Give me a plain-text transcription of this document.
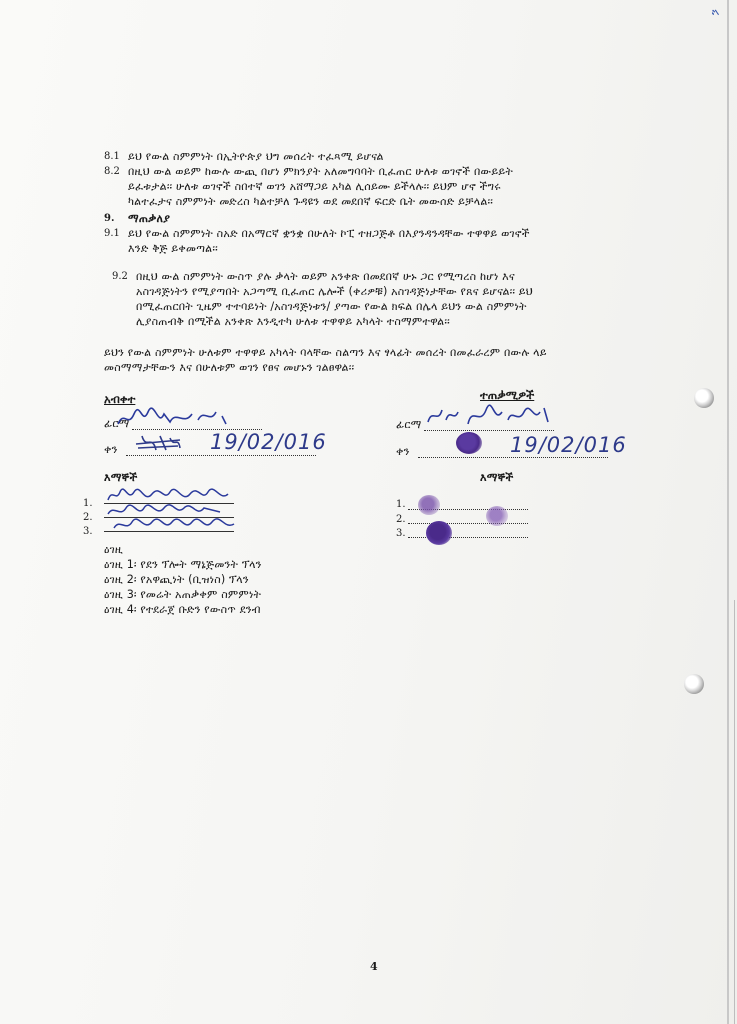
ን
8.1 ይህ የውል ስምምነት በኢትዮጵያ ህግ መሰረት ተፈጻሚ ይሆናል
8.2 በዚህ ውል ወይም ከውሉ ውጪ በሆነ ምክንያት አለመግባባት ቢፈጠር ሁለቱ ወገኖች በውይይት
ይፈቱታል፡፡ ሁለቱ ወገኖች ስበተኛ ወገን አሸማጋይ አካል ሊሰይሙ ይችላሉ፡፡ ይህም ሆኖ ችግሩ
ካልተፈታና ስምምነት መድረስ ካልተቻለ ጉዳዩን ወደ መደበኛ ፍርድ ቤት መውሰድ ይቻላል፡፡
9. ማጠቃለያ
9.1 ይህ የውል ስምምነት ስአድ በአማርኛ ቋንቋ በሁለት ኮፒ ተዘጋጅቶ በእያንዳንዳቸው ተዋዋይ ወገኖች
እንድ ቅጅ ይቀመጣል፡፡
9.2 በዚህ ውል ስምምነት ውስጥ ያሉ ቃላት ወይም አንቀጽ በመደበኛ ሁኑ ጋር የሚጣረስ ከሆነ እና
አስገዳጅነትን የሚያጣበት አጋጣሚ ቢፈጠር ሌሎች (ቀሪዎቹ) አስገዳጅነታቸው የጸና ይሆናል፡፡ ይህ
በሚፈጠርበት ጊዜም ተተባይነት /አስገዳጅነቱን/ ያጣው የውል ክፍል በሌላ ይህን ውል ስምምነት
ሊያስጠብቅ በሚችል አንቀጽ እንዲተካ ሁለቱ ተዋዋይ አካላት ተስማምተዋል፡፡
ይህን የውል ስምምነት ሁለቱም ተዋዋይ አካላት ባላቸው ስልጣን እና ፃላፊት መሰረት በመፈራረም በውሉ ላይ
መስማማታቸውን እና በሁለቱም ወገን የፀና መሆኑን ገልፀዋል፡፡
አብቀተ
ፊርማ
ቀን	19/02/016
ተጠቃሚዎች
ፊርማ
ቀን	19/02/016
እማኞች
1.
2.
3.
እማኞች
1.
2.
3.
ዕገዚ
ዕገዚ 1፡ የደን ፕሎት ማኔጅመንት ፕላን
ዕገዚ 2፡ የአዋጪነት (ቢዝነስ) ፕላን
ዕገዚ 3፡ የመሬት አጠቃቀም ስምምነት
ዕገዚ 4፡ የተደራጀ ቡድን የውስጥ ደንብ
4
